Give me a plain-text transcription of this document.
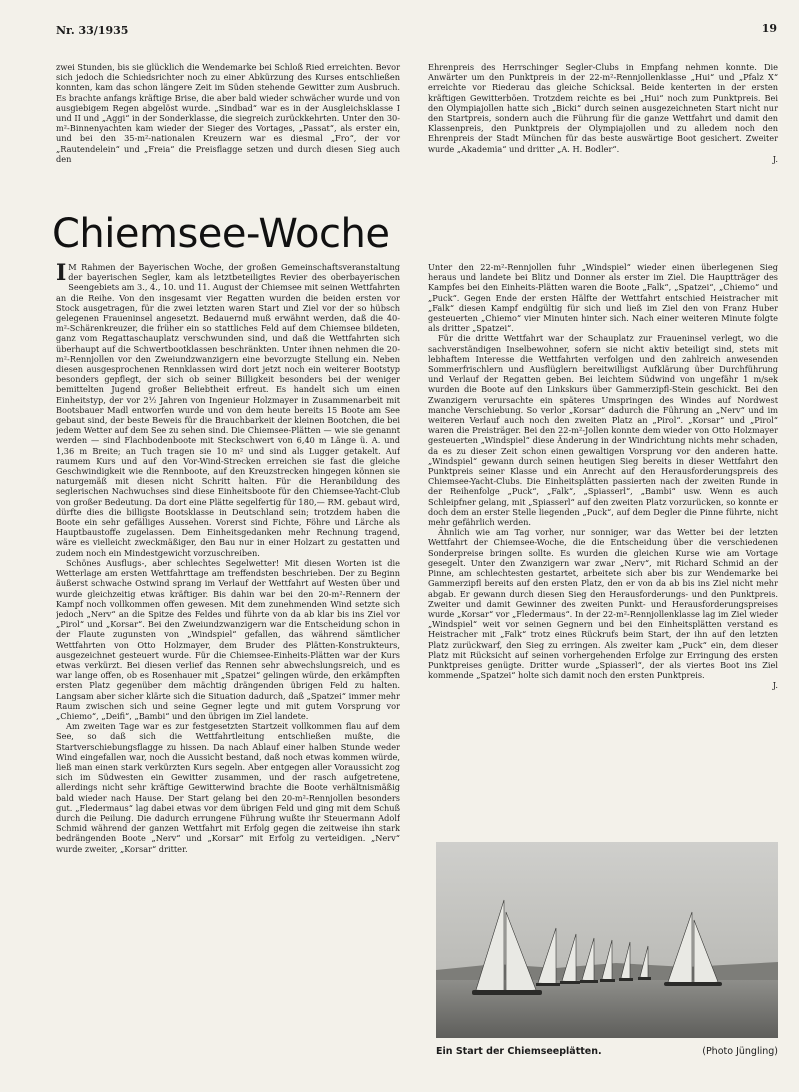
Nr. 33/1935	19

zwei Stunden, bis sie glücklich die Wendemarke bei Schloß Ried erreichten. Bevor sich jedoch die Schiedsrichter noch zu einer Abkürzung des Kurses entschließen konnten, kam das schon längere Zeit im Süden stehende Gewitter zum Ausbruch. Es brachte anfangs kräftige Brise, die aber bald wieder schwächer wurde und von ausgiebigem Regen abgelöst wurde. „Sindbad“ war es in der Ausgleichsklasse I und II und „Aggi“ in der Sonderklasse, die siegreich zurückkehrten. Unter den 30-m²-Binnenyachten kam wieder der Sieger des Vortages, „Passat“, als erster ein, und bei den 35-m²-nationalen Kreuzern war es diesmal „Fro“, der vor „Rautendelein“ und „Freia“ die Preisflagge setzen und durch diesen Sieg auch den

Ehrenpreis des Herrschinger Segler-Clubs in Empfang nehmen konnte. Die Anwärter um den Punktpreis in der 22-m²-Rennjollenklasse „Hui“ und „Pfalz X“ erreichte vor Riederau das gleiche Schicksal. Beide kenterten in der ersten kräftigen Gewitterböen. Trotzdem reichte es bei „Hui“ noch zum Punktpreis. Bei den Olympiajollen hatte sich „Bicki“ durch seinen ausgezeichneten Start nicht nur den Startpreis, sondern auch die Führung für die ganze Wettfahrt und damit den Klassenpreis, den Punktpreis der Olympiajollen und zu alledem noch den Ehrenpreis der Stadt München für das beste auswärtige Boot gesichert. Zweiter wurde „Akademia“ und dritter „A. H. Bodler“.

J.

Chiemsee-Woche

I M Rahmen der Bayerischen Woche, der großen Gemeinschaftsveranstaltung der bayerischen Segler, kam als letztbeteiligtes Revier des oberbayerischen Seengebiets am 3., 4., 10. und 11. August der Chiemsee mit seinen Wettfahrten an die Reihe. Von den insgesamt vier Regatten wurden die beiden ersten vor Stock ausgetragen, für die zwei letzten waren Start und Ziel vor der so hübsch gelegenen Fraueninsel angesetzt. Bedauernd muß erwähnt werden, daß die 40-m²-Schärenkreuzer, die früher ein so stattliches Feld auf dem Chiemsee bildeten, ganz vom Regattaschauplatz verschwunden sind, und daß die Wettfahrten sich überhaupt auf die Schwertbootklassen beschränkten. Unter ihnen nehmen die 20-m²-Rennjollen vor den Zweiundzwanzigern eine bevorzugte Stellung ein. Neben diesen ausgesprochenen Rennklassen wird dort jetzt noch ein weiterer Bootstyp besonders gepflegt, der sich ob seiner Billigkeit besonders bei der weniger bemittelten Jugend großer Beliebtheit erfreut. Es handelt sich um einen Einheitstyp, der vor 2½ Jahren von Ingenieur Holzmayer in Zusammenarbeit mit Bootsbauer Madl entworfen wurde und von dem heute bereits 15 Boote am See gebaut sind, der beste Beweis für die Brauchbarkeit der kleinen Bootchen, die bei jedem Wetter auf dem See zu sehen sind. Die Chiemsee-Plätten — wie sie genannt werden — sind Flachbodenboote mit Steckschwert von 6,40 m Länge ü. A. und 1,36 m Breite; an Tuch tragen sie 10 m² und sind als Lugger getakelt. Auf raumem Kurs und auf den Vor-Wind-Strecken erreichen sie fast die gleiche Geschwindigkeit wie die Rennboote, auf den Kreuzstrecken hingegen können sie naturgemäß mit diesen nicht Schritt halten. Für die Heranbildung des seglerischen Nachwuchses sind diese Einheitsboote für den Chiemsee-Yacht-Club von großer Bedeutung. Da dort eine Plätte segelfertig für 180,— RM. gebaut wird, dürfte dies die billigste Bootsklasse in Deutschland sein; trotzdem haben die Boote ein sehr gefälliges Aussehen. Vorerst sind Fichte, Föhre und Lärche als Hauptbaustoffe zugelassen. Dem Einheitsgedanken mehr Rechnung tragend, wäre es vielleicht zweckmäßiger, den Bau nur in einer Holzart zu gestatten und zudem noch ein Mindestgewicht vorzuschreiben.

Schönes Ausflugs-, aber schlechtes Segelwetter! Mit diesen Worten ist die Wetterlage am ersten Wettfahrttage am treffendsten beschrieben. Der zu Beginn äußerst schwache Ostwind sprang im Verlauf der Wettfahrt auf Westen über und wurde gleichzeitig etwas kräftiger. Bis dahin war bei den 20-m²-Rennern der Kampf noch vollkommen offen gewesen. Mit dem zunehmenden Wind setzte sich jedoch „Nerv“ an die Spitze des Feldes und führte von da ab klar bis ins Ziel vor „Pirol“ und „Korsar“. Bei den Zweiundzwanzigern war die Entscheidung schon in der Flaute zugunsten von „Windspiel“ gefallen, das während sämtlicher Wettfahrten von Otto Holzmayer, dem Bruder des Plätten-Konstrukteurs, ausgezeichnet gesteuert wurde. Für die Chiemsee-Einheits-Plätten war der Kurs etwas verkürzt. Bei diesen verlief das Rennen sehr abwechslungsreich, und es war lange offen, ob es Rosenhauer mit „Spatzei“ gelingen würde, den erkämpften ersten Platz gegenüber dem mächtig drängenden übrigen Feld zu halten. Langsam aber sicher klärte sich die Situation dadurch, daß „Spatzei“ immer mehr Raum zwischen sich und seine Gegner legte und mit gutem Vorsprung vor „Chiemo“, „Deifi“, „Bambi“ und den übrigen im Ziel landete.

Am zweiten Tage war es zur festgesetzten Startzeit vollkommen flau auf dem See, so daß sich die Wettfahrtleitung entschließen mußte, die Startverschiebungsflagge zu hissen. Da nach Ablauf einer halben Stunde weder Wind eingefallen war, noch die Aussicht bestand, daß noch etwas kommen würde, ließ man einen stark verkürzten Kurs segeln. Aber entgegen aller Voraussicht zog sich im Südwesten ein Gewitter zusammen, und der rasch aufgetretene, allerdings nicht sehr kräftige Gewitterwind brachte die Boote verhältnismäßig bald wieder nach Hause. Der Start gelang bei den 20-m²-Rennjollen besonders gut. „Fledermaus“ lag dabei etwas vor dem übrigen Feld und ging mit dem Schuß durch die Peilung. Die dadurch errungene Führung wußte ihr Steuermann Adolf Schmid während der ganzen Wettfahrt mit Erfolg gegen die zeitweise ihn stark bedrängenden Boote „Nerv“ und „Korsar“ mit Erfolg zu verteidigen. „Nerv“ wurde zweiter, „Korsar“ dritter.

Unter den 22-m²-Rennjollen fuhr „Windspiel“ wieder einen überlegenen Sieg heraus und landete bei Blitz und Donner als erster im Ziel. Die Hauptträger des Kampfes bei den Einheits-Plätten waren die Boote „Falk“, „Spatzei“, „Chiemo“ und „Puck“. Gegen Ende der ersten Hälfte der Wettfahrt entschied Heistracher mit „Falk“ diesen Kampf endgültig für sich und ließ im Ziel den von Franz Huber gesteuerten „Chiemo“ vier Minuten hinter sich. Nach einer weiteren Minute folgte als dritter „Spatzei“.

Für die dritte Wettfahrt war der Schauplatz zur Fraueninsel verlegt, wo die sachverständigen Inselbewohner, sofern sie nicht aktiv beteiligt sind, stets mit lebhaftem Interesse die Wettfahrten verfolgen und den zahlreich anwesenden Sommerfrischlern und Ausflüglern bereitwilligst Aufklärung über Durchführung und Verlauf der Regatten geben. Bei leichtem Südwind von ungefähr 1 m/sek wurden die Boote auf den Linkskurs über Gammerzipfl-Stein geschickt. Bei den Zwanzigern verursachte ein späteres Umspringen des Windes auf Nordwest manche Verschiebung. So verlor „Korsar“ dadurch die Führung an „Nerv“ und im weiteren Verlauf auch noch den zweiten Platz an „Pirol“. „Korsar“ und „Pirol“ waren die Preisträger. Bei den 22-m²-Jollen konnte dem wieder von Otto Holzmayer gesteuerten „Windspiel“ diese Änderung in der Windrichtung nichts mehr schaden, da es zu dieser Zeit schon einen gewaltigen Vorsprung vor den anderen hatte. „Windspiel“ gewann durch seinen heutigen Sieg bereits in dieser Wettfahrt den Punktpreis seiner Klasse und ein Anrecht auf den Herausforderungspreis des Chiemsee-Yacht-Clubs. Die Einheitsplätten passierten nach der zweiten Runde in der Reihenfolge „Puck“, „Falk“, „Spiasserl“, „Bambi“ usw. Wenn es auch Schleipfner gelang, mit „Spiasserl“ auf den zweiten Platz vorzurücken, so konnte er doch dem an erster Stelle liegenden „Puck“, auf dem Degler die Pinne führte, nicht mehr gefährlich werden.

Ähnlich wie am Tag vorher, nur sonniger, war das Wetter bei der letzten Wettfahrt der Chiemsee-Woche, die die Entscheidung über die verschiedenen Sonderpreise bringen sollte. Es wurden die gleichen Kurse wie am Vortage gesegelt. Unter den Zwanzigern war zwar „Nerv“, mit Richard Schmid an der Pinne, am schlechtesten gestartet, arbeitete sich aber bis zur Wendemarke bei Gammerzipfl bereits auf den ersten Platz, den er von da ab bis ins Ziel nicht mehr abgab. Er gewann durch diesen Sieg den Herausforderungs- und den Punktpreis. Zweiter und damit Gewinner des zweiten Punkt- und Herausforderungspreises wurde „Korsar“ vor „Fledermaus“. In der 22-m²-Rennjollenklasse lag im Ziel wieder „Windspiel“ weit vor seinen Gegnern und bei den Einheitsplätten verstand es Heistracher mit „Falk“ trotz eines Rückrufs beim Start, der ihn auf den letzten Platz zurückwarf, den Sieg zu erringen. Als zweiter kam „Puck“ ein, dem dieser Platz mit Rücksicht auf seinen vorhergehenden Erfolge zur Erringung des ersten Punktpreises genügte. Dritter wurde „Spiasserl“, der als viertes Boot ins Ziel kommende „Spatzei“ holte sich damit noch den ersten Punktpreis.

J.

Ein Start der Chiemseeplätten.	(Photo Jüngling)
